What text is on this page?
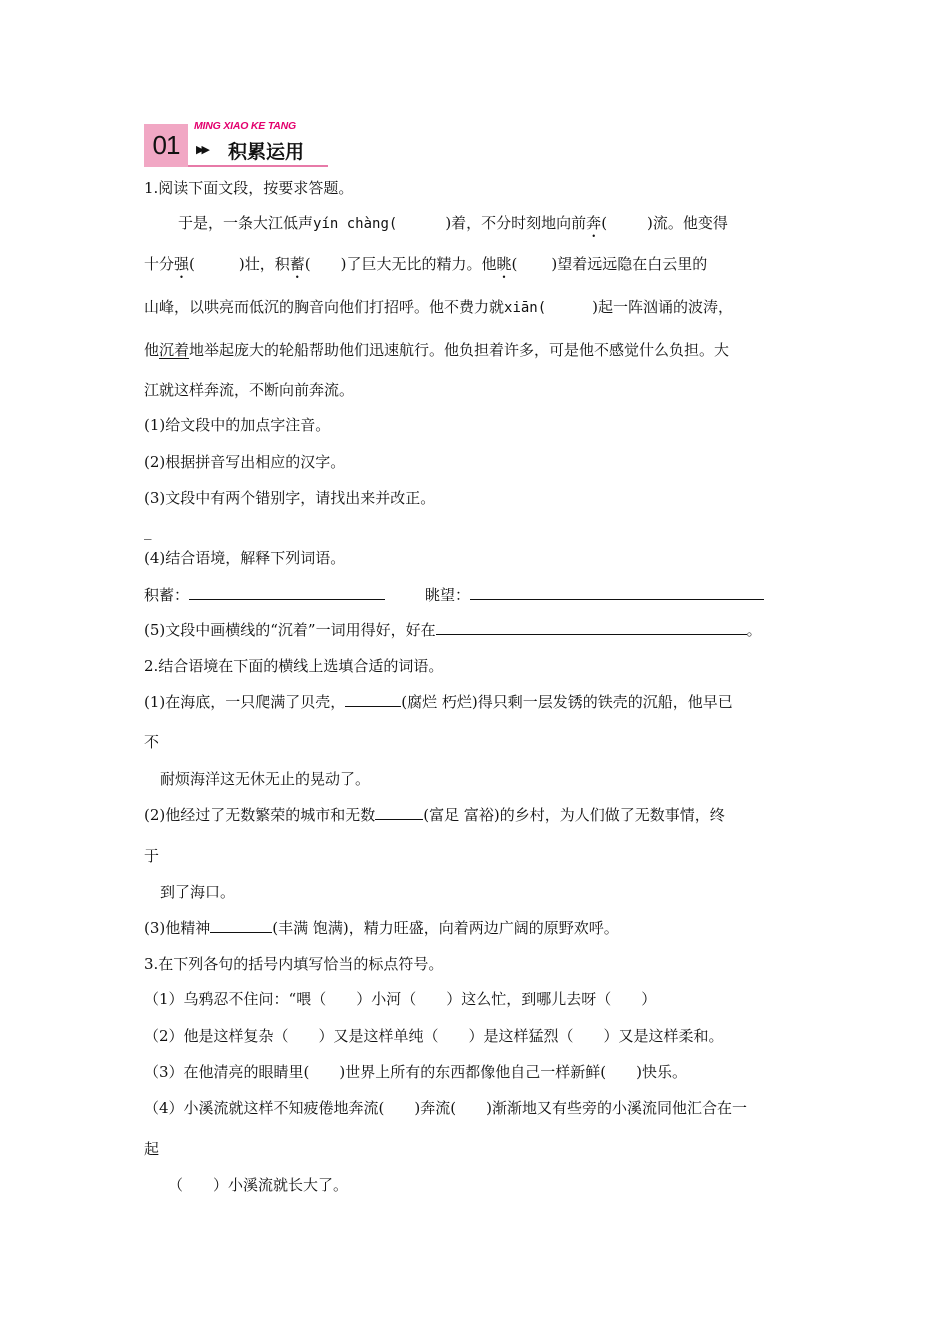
01
MING XIAO KE TANG
▶▶ 积累运用
1.阅读下面文段，按要求答题。
于是，一条大江低声yín chàng(	)着，不分时刻地向前奔(	)流。他变得
十分强(	)壮，积蓄( )了巨大无比的精力。他眺( )望着远远隐在白云里的
山峰，以哄亮而低沉的胸音向他们打招呼。他不费力就xiān(	)起一阵汹诵的波涛，
他沉着地举起庞大的轮船帮助他们迅速航行。他负担着许多，可是他不感觉什么负担。大
江就这样奔流，不断向前奔流。
(1)给文段中的加点字注音。
(2)根据拼音写出相应的汉字。
(3)文段中有两个错别字，请找出来并改正。
_
(4)结合语境，解释下列词语。
积蓄：	眺望：
(5)文段中画横线的“沉着”一词用得好，好在	。
2.结合语境在下面的横线上选填合适的词语。
(1)在海底，一只爬满了贝壳，	(腐烂 朽烂)得只剩一层发锈的铁壳的沉船，他早已
不
耐烦海洋这无休无止的晃动了。
(2)他经过了无数繁荣的城市和无数	(富足 富裕)的乡村，为人们做了无数事情，终
于
到了海口。
(3)他精神	(丰满 饱满)，精力旺盛，向着两边广阔的原野欢呼。
3.在下列各句的括号内填写恰当的标点符号。
（1）乌鸦忍不住问：“喂（　　）小河（　　）这么忙，到哪儿去呀（　　）
（2）他是这样复杂（　　）又是这样单纯（　　）是这样猛烈（　　）又是这样柔和。
（3）在他清亮的眼睛里(　　)世界上所有的东西都像他自己一样新鲜(　　)快乐。
（4）小溪流就这样不知疲倦地奔流(　　)奔流(　　)渐渐地又有些旁的小溪流同他汇合在一
起
（　　）小溪流就长大了。
